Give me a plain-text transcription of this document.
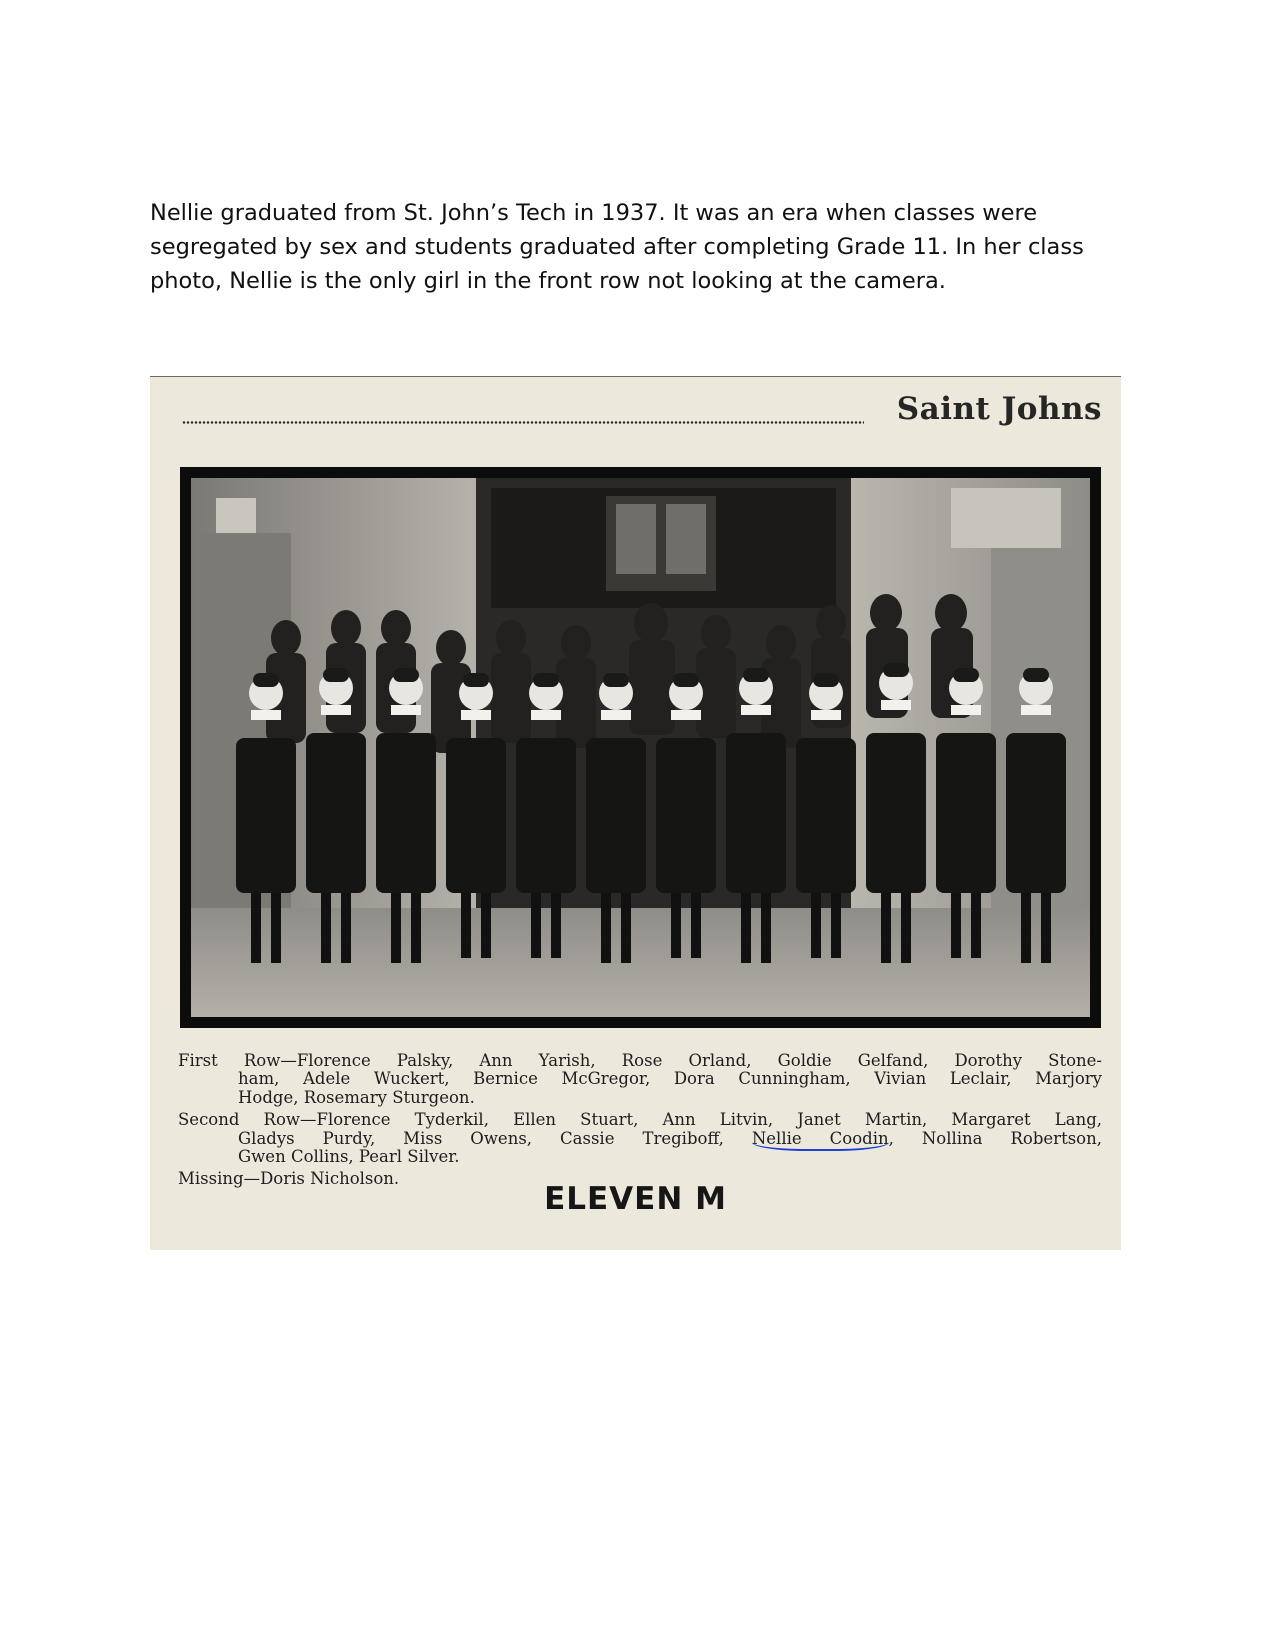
Nellie graduated from St. John’s Tech in 1937. It was an era when classes were

segregated by sex and students graduated after completing Grade 11. In her class

photo, Nellie is the only girl in the front row not looking at the camera.

Saint Johns
First Row—Florence Palsky, Ann Yarish, Rose Orland, Goldie Gelfand, Dorothy Stone-
ham, Adele Wuckert, Bernice McGregor, Dora Cunningham, Vivian Leclair, Marjory
Hodge, Rosemary Sturgeon.
Second Row—Florence Tyderkil, Ellen Stuart, Ann Litvin, Janet Martin, Margaret Lang,
Gladys Purdy, Miss Owens, Cassie Tregiboff, Nellie Coodin, Nollina Robertson,
Gwen Collins, Pearl Silver.
Missing—Doris Nicholson.
ELEVEN M
